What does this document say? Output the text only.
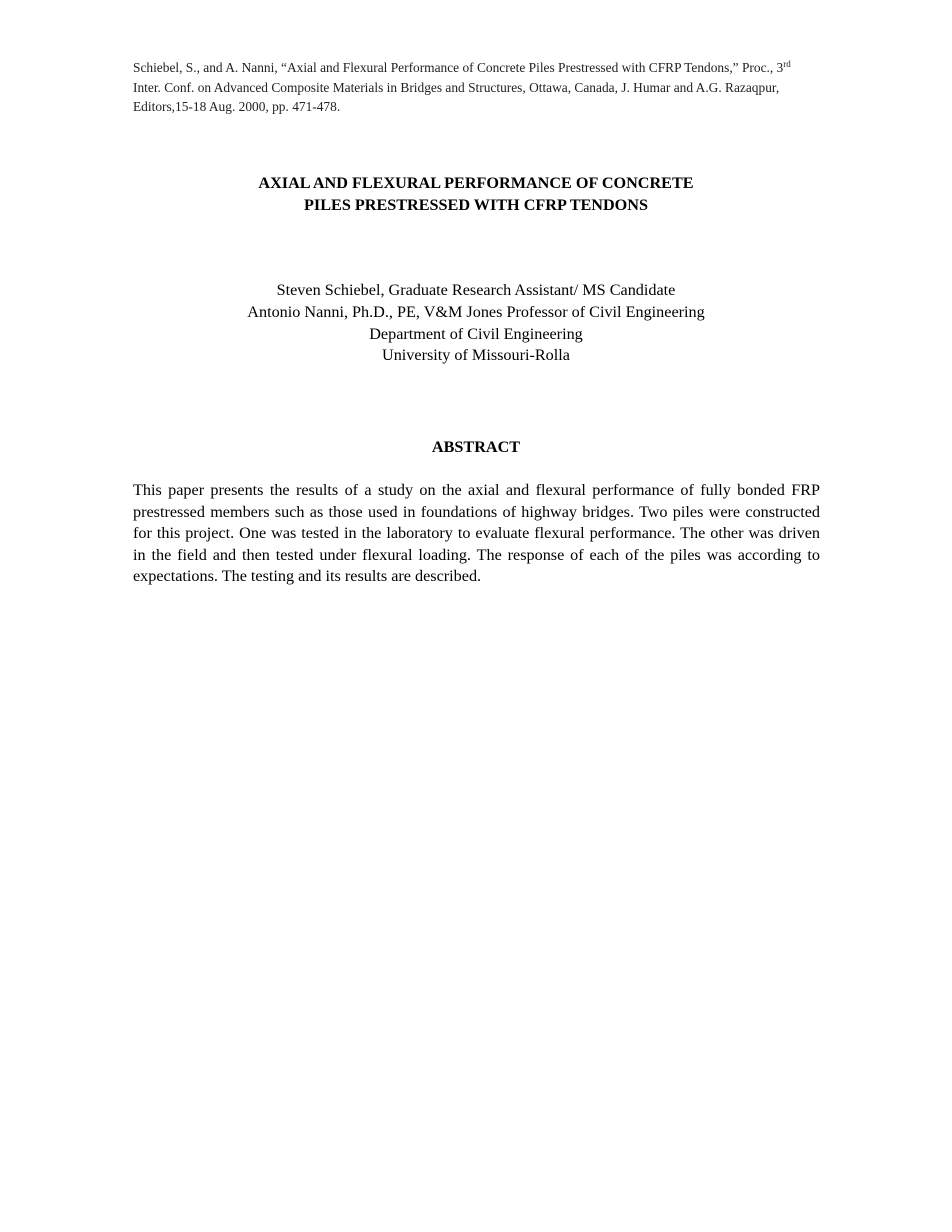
Schiebel, S., and A. Nanni, “Axial and Flexural Performance of Concrete Piles Prestressed with CFRP Tendons,” Proc., 3rd Inter. Conf. on Advanced Composite Materials in Bridges and Structures, Ottawa, Canada, J. Humar and A.G. Razaqpur, Editors,15-18 Aug. 2000, pp. 471-478.
AXIAL AND FLEXURAL PERFORMANCE OF CONCRETE
PILES PRESTRESSED WITH CFRP TENDONS
Steven Schiebel, Graduate Research Assistant/ MS Candidate
Antonio Nanni, Ph.D., PE, V&M Jones Professor of Civil Engineering
Department of Civil Engineering
University of Missouri-Rolla
ABSTRACT
This paper presents the results of a study on the axial and flexural performance of fully bonded FRP prestressed members such as those used in foundations of highway bridges. Two piles were constructed for this project. One was tested in the laboratory to evaluate flexural performance. The other was driven in the field and then tested under flexural loading. The response of each of the piles was according to expectations. The testing and its results are described.
